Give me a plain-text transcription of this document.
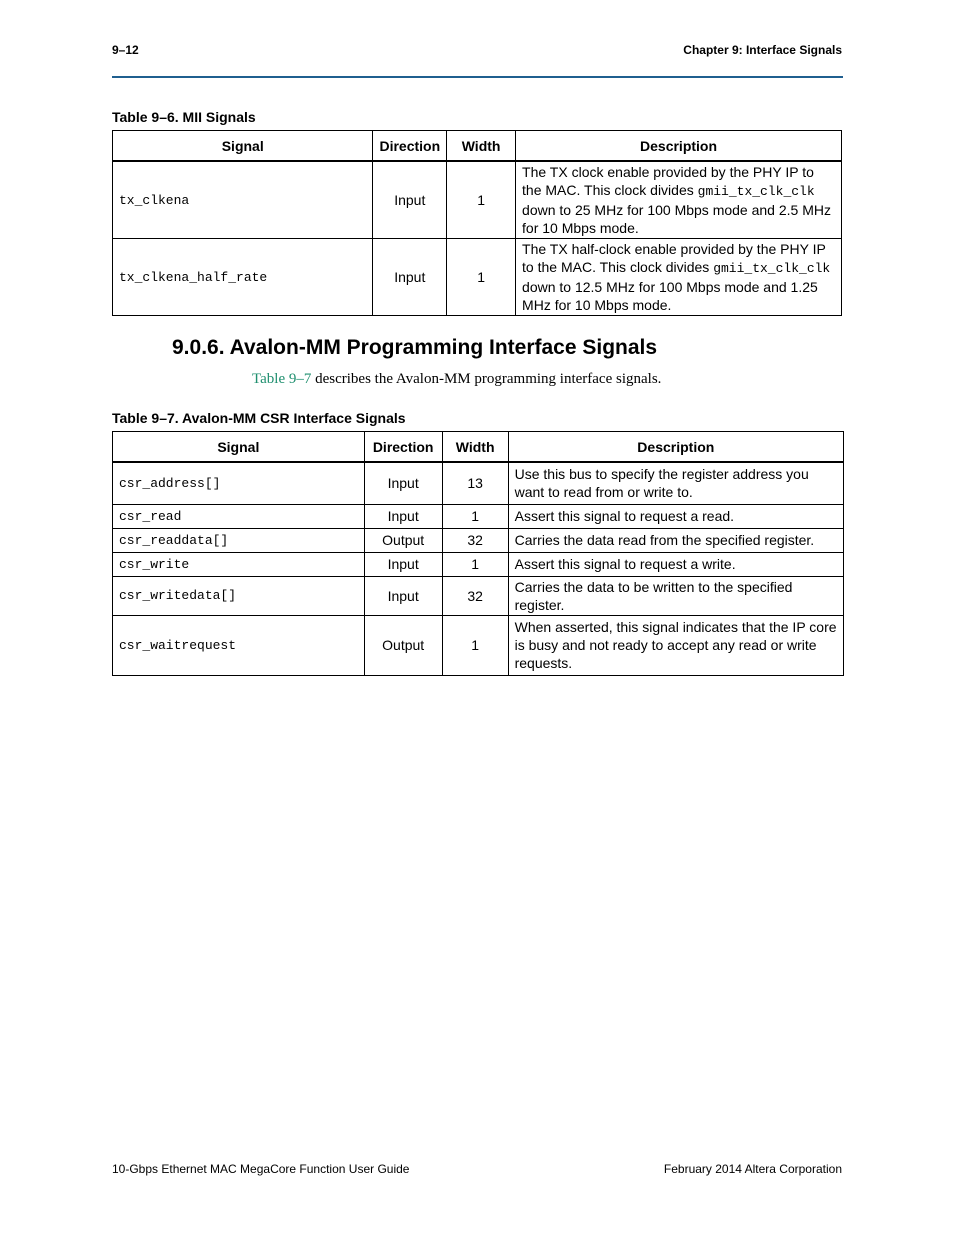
9–12	Chapter 9: Interface Signals
Table 9–6. MII Signals
Signal	Direction	Width	Description
tx_clkena	Input	1	The TX clock enable provided by the PHY IP to the MAC. This clock divides gmii_tx_clk_clk down to 25 MHz for 100 Mbps mode and 2.5 MHz for 10 Mbps mode.
tx_clkena_half_rate	Input	1	The TX half-clock enable provided by the PHY IP to the MAC. This clock divides gmii_tx_clk_clk down to 12.5 MHz for 100 Mbps mode and 1.25 MHz for 10 Mbps mode.
9.0.6. Avalon-MM Programming Interface Signals
Table 9–7 describes the Avalon-MM programming interface signals.
Table 9–7. Avalon-MM CSR Interface Signals
Signal	Direction	Width	Description
csr_address[]	Input	13	Use this bus to specify the register address you want to read from or write to.
csr_read	Input	1	Assert this signal to request a read.
csr_readdata[]	Output	32	Carries the data read from the specified register.
csr_write	Input	1	Assert this signal to request a write.
csr_writedata[]	Input	32	Carries the data to be written to the specified register.
csr_waitrequest	Output	1	When asserted, this signal indicates that the IP core is busy and not ready to accept any read or write requests.
10-Gbps Ethernet MAC MegaCore Function User Guide	February 2014 Altera Corporation
